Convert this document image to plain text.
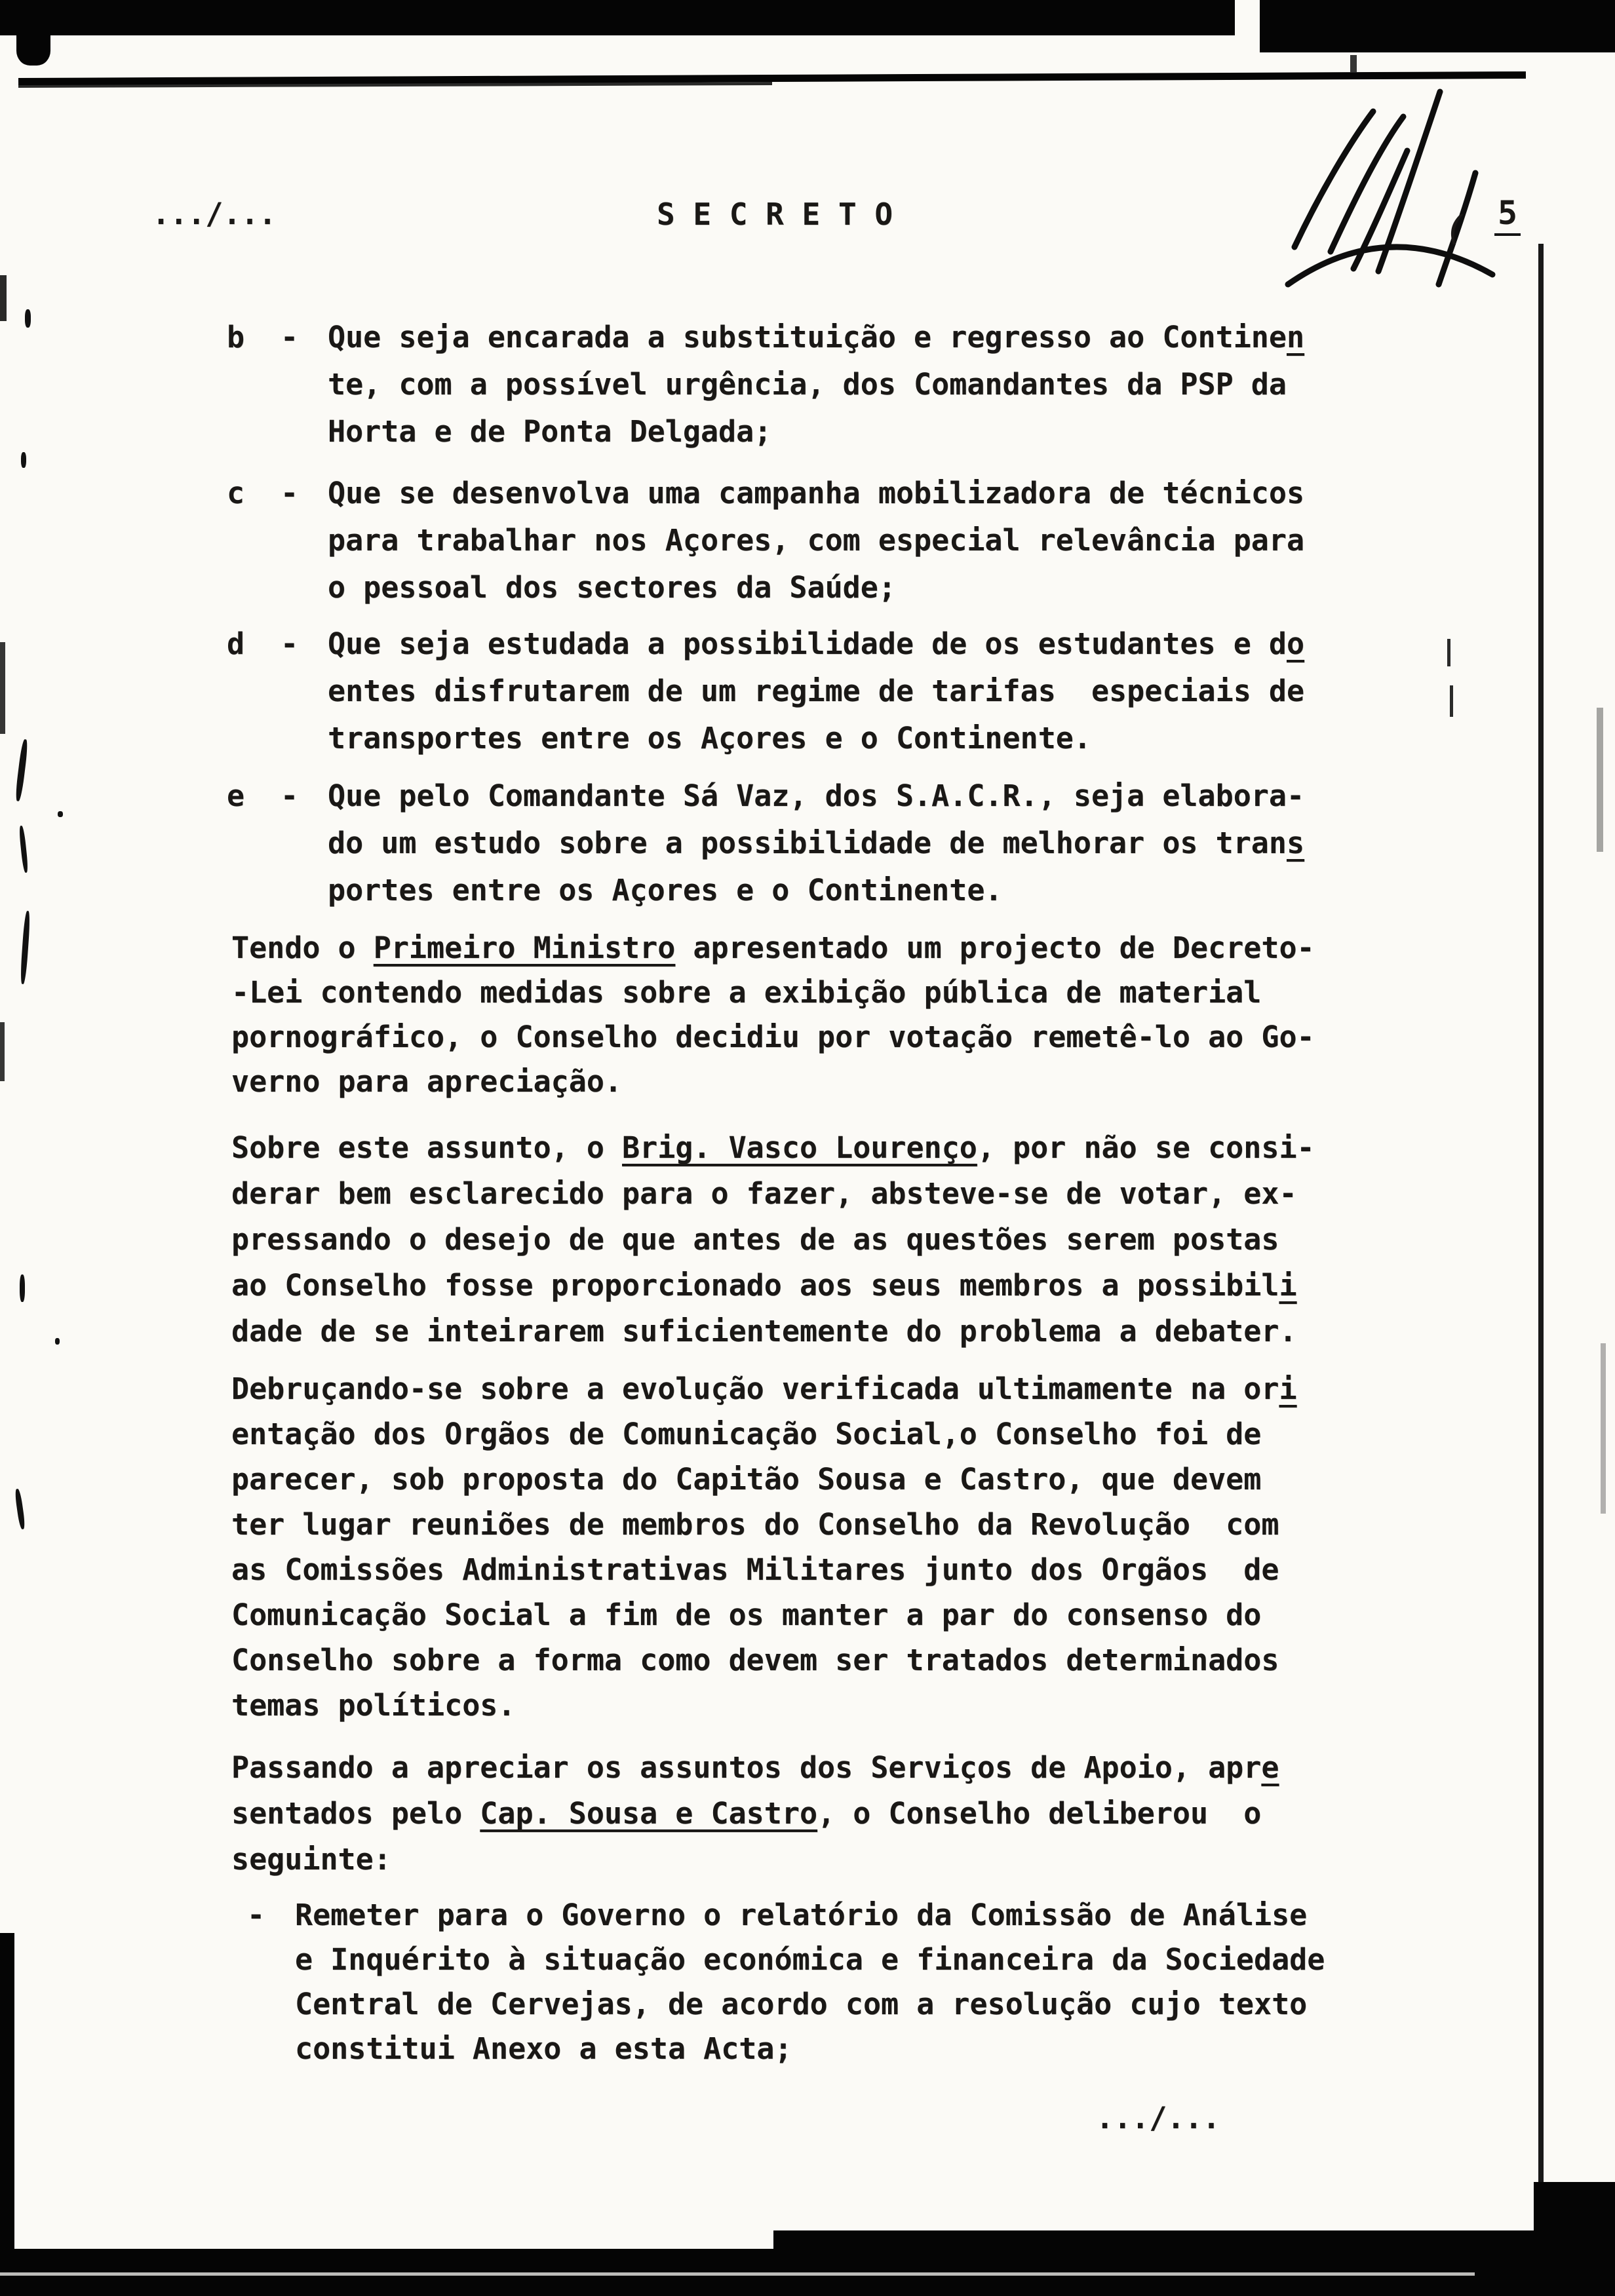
.../...	S E C R E T O	( 5
b - Que seja encarada a substituição e regresso ao Continen
te, com a possível urgência, dos Comandantes da PSP da
Horta e de Ponta Delgada;
c - Que se desenvolva uma campanha mobilizadora de técnicos
para trabalhar nos Açores, com especial relevância para
o pessoal dos sectores da Saúde;
d - Que seja estudada a possibilidade de os estudantes e do
entes disfrutarem de um regime de tarifas  especiais de
transportes entre os Açores e o Continente.
e - Que pelo Comandante Sá Vaz, dos S.A.C.R., seja elabora-
do um estudo sobre a possibilidade de melhorar os trans
portes entre os Açores e o Continente.
Tendo o Primeiro Ministro apresentado um projecto de Decreto-
-Lei contendo medidas sobre a exibição pública de material
pornográfico, o Conselho decidiu por votação remetê-lo ao Go-
verno para apreciação.
Sobre este assunto, o Brig. Vasco Lourenço, por não se consi-
derar bem esclarecido para o fazer, absteve-se de votar, ex-
pressando o desejo de que antes de as questões serem postas
ao Conselho fosse proporcionado aos seus membros a possibili
dade de se inteirarem suficientemente do problema a debater.
Debruçando-se sobre a evolução verificada ultimamente na ori
entação dos Orgãos de Comunicação Social,o Conselho foi de
parecer, sob proposta do Capitão Sousa e Castro, que devem
ter lugar reuniões de membros do Conselho da Revolução  com
as Comissões Administrativas Militares junto dos Orgãos  de
Comunicação Social a fim de os manter a par do consenso do
Conselho sobre a forma como devem ser tratados determinados
temas políticos.
Passando a apreciar os assuntos dos Serviços de Apoio, apre
sentados pelo Cap. Sousa e Castro, o Conselho deliberou  o
seguinte:
- Remeter para o Governo o relatório da Comissão de Análise
e Inquérito à situação económica e financeira da Sociedade
Central de Cervejas, de acordo com a resolução cujo texto
constitui Anexo a esta Acta;
.../...
